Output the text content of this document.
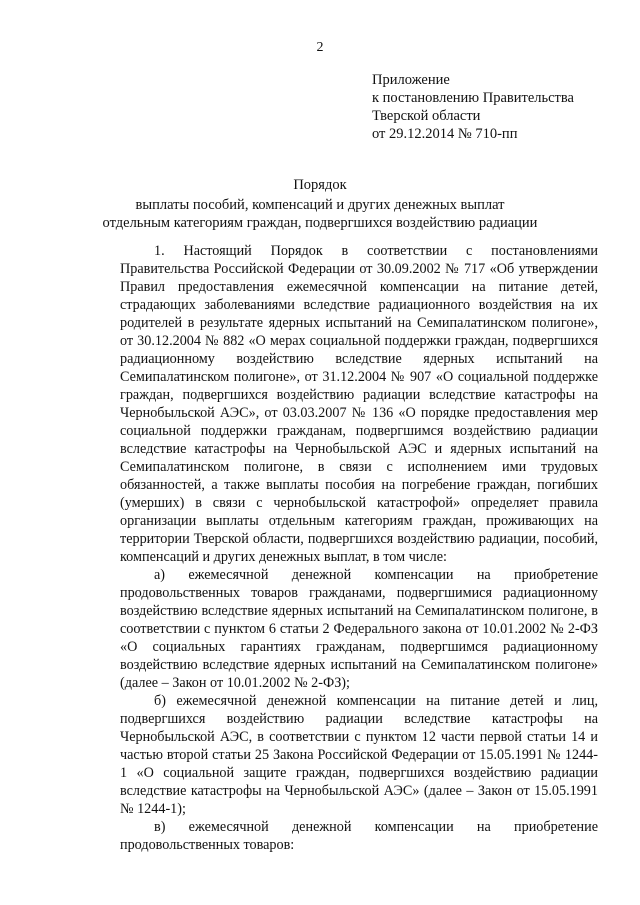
2
Приложение
к постановлению Правительства
Тверской области
от 29.12.2014 № 710-пп
Порядок
выплаты пособий, компенсаций и других денежных выплат
отдельным категориям граждан, подвергшихся воздействию радиации

1. Настоящий Порядок в соответствии с постановлениями Правительства Российской Федерации от 30.09.2002 № 717 «Об утверждении Правил предоставления ежемесячной компенсации на питание детей, страдающих заболеваниями вследствие радиационного воздействия на их родителей в результате ядерных испытаний на Семипалатинском полигоне», от 30.12.2004 № 882 «О мерах социальной поддержки граждан, подвергшихся радиационному воздействию вследствие ядерных испытаний на Семипалатинском полигоне», от 31.12.2004 № 907 «О социальной поддержке граждан, подвергшихся воздействию радиации вследствие катастрофы на Чернобыльской АЭС», от 03.03.2007 № 136 «О порядке предоставления мер социальной поддержки гражданам, подвергшимся воздействию радиации вследствие катастрофы на Чернобыльской АЭС и ядерных испытаний на Семипалатинском полигоне, в связи с исполнением ими трудовых обязанностей, а также выплаты пособия на погребение граждан, погибших (умерших) в связи с чернобыльской катастрофой» определяет правила организации выплаты отдельным категориям граждан, проживающих на территории Тверской области, подвергшихся воздействию радиации, пособий, компенсаций и других денежных выплат, в том числе:

а) ежемесячной денежной компенсации на приобретение продовольственных товаров гражданами, подвергшимися радиационному воздействию вследствие ядерных испытаний на Семипалатинском полигоне, в соответствии с пунктом 6 статьи 2 Федерального закона от 10.01.2002 № 2-ФЗ «О социальных гарантиях гражданам, подвергшимся радиационному воздействию вследствие ядерных испытаний на Семипалатинском полигоне» (далее – Закон от 10.01.2002 № 2-ФЗ);

б) ежемесячной денежной компенсации на питание детей и лиц, подвергшихся воздействию радиации вследствие катастрофы на Чернобыльской АЭС, в соответствии с пунктом 12 части первой статьи 14 и частью второй статьи 25 Закона Российской Федерации от 15.05.1991 № 1244-1 «О социальной защите граждан, подвергшихся воздействию радиации вследствие катастрофы на Чернобыльской АЭС» (далее – Закон от 15.05.1991 № 1244-1);

в) ежемесячной денежной компенсации на приобретение продовольственных товаров:
